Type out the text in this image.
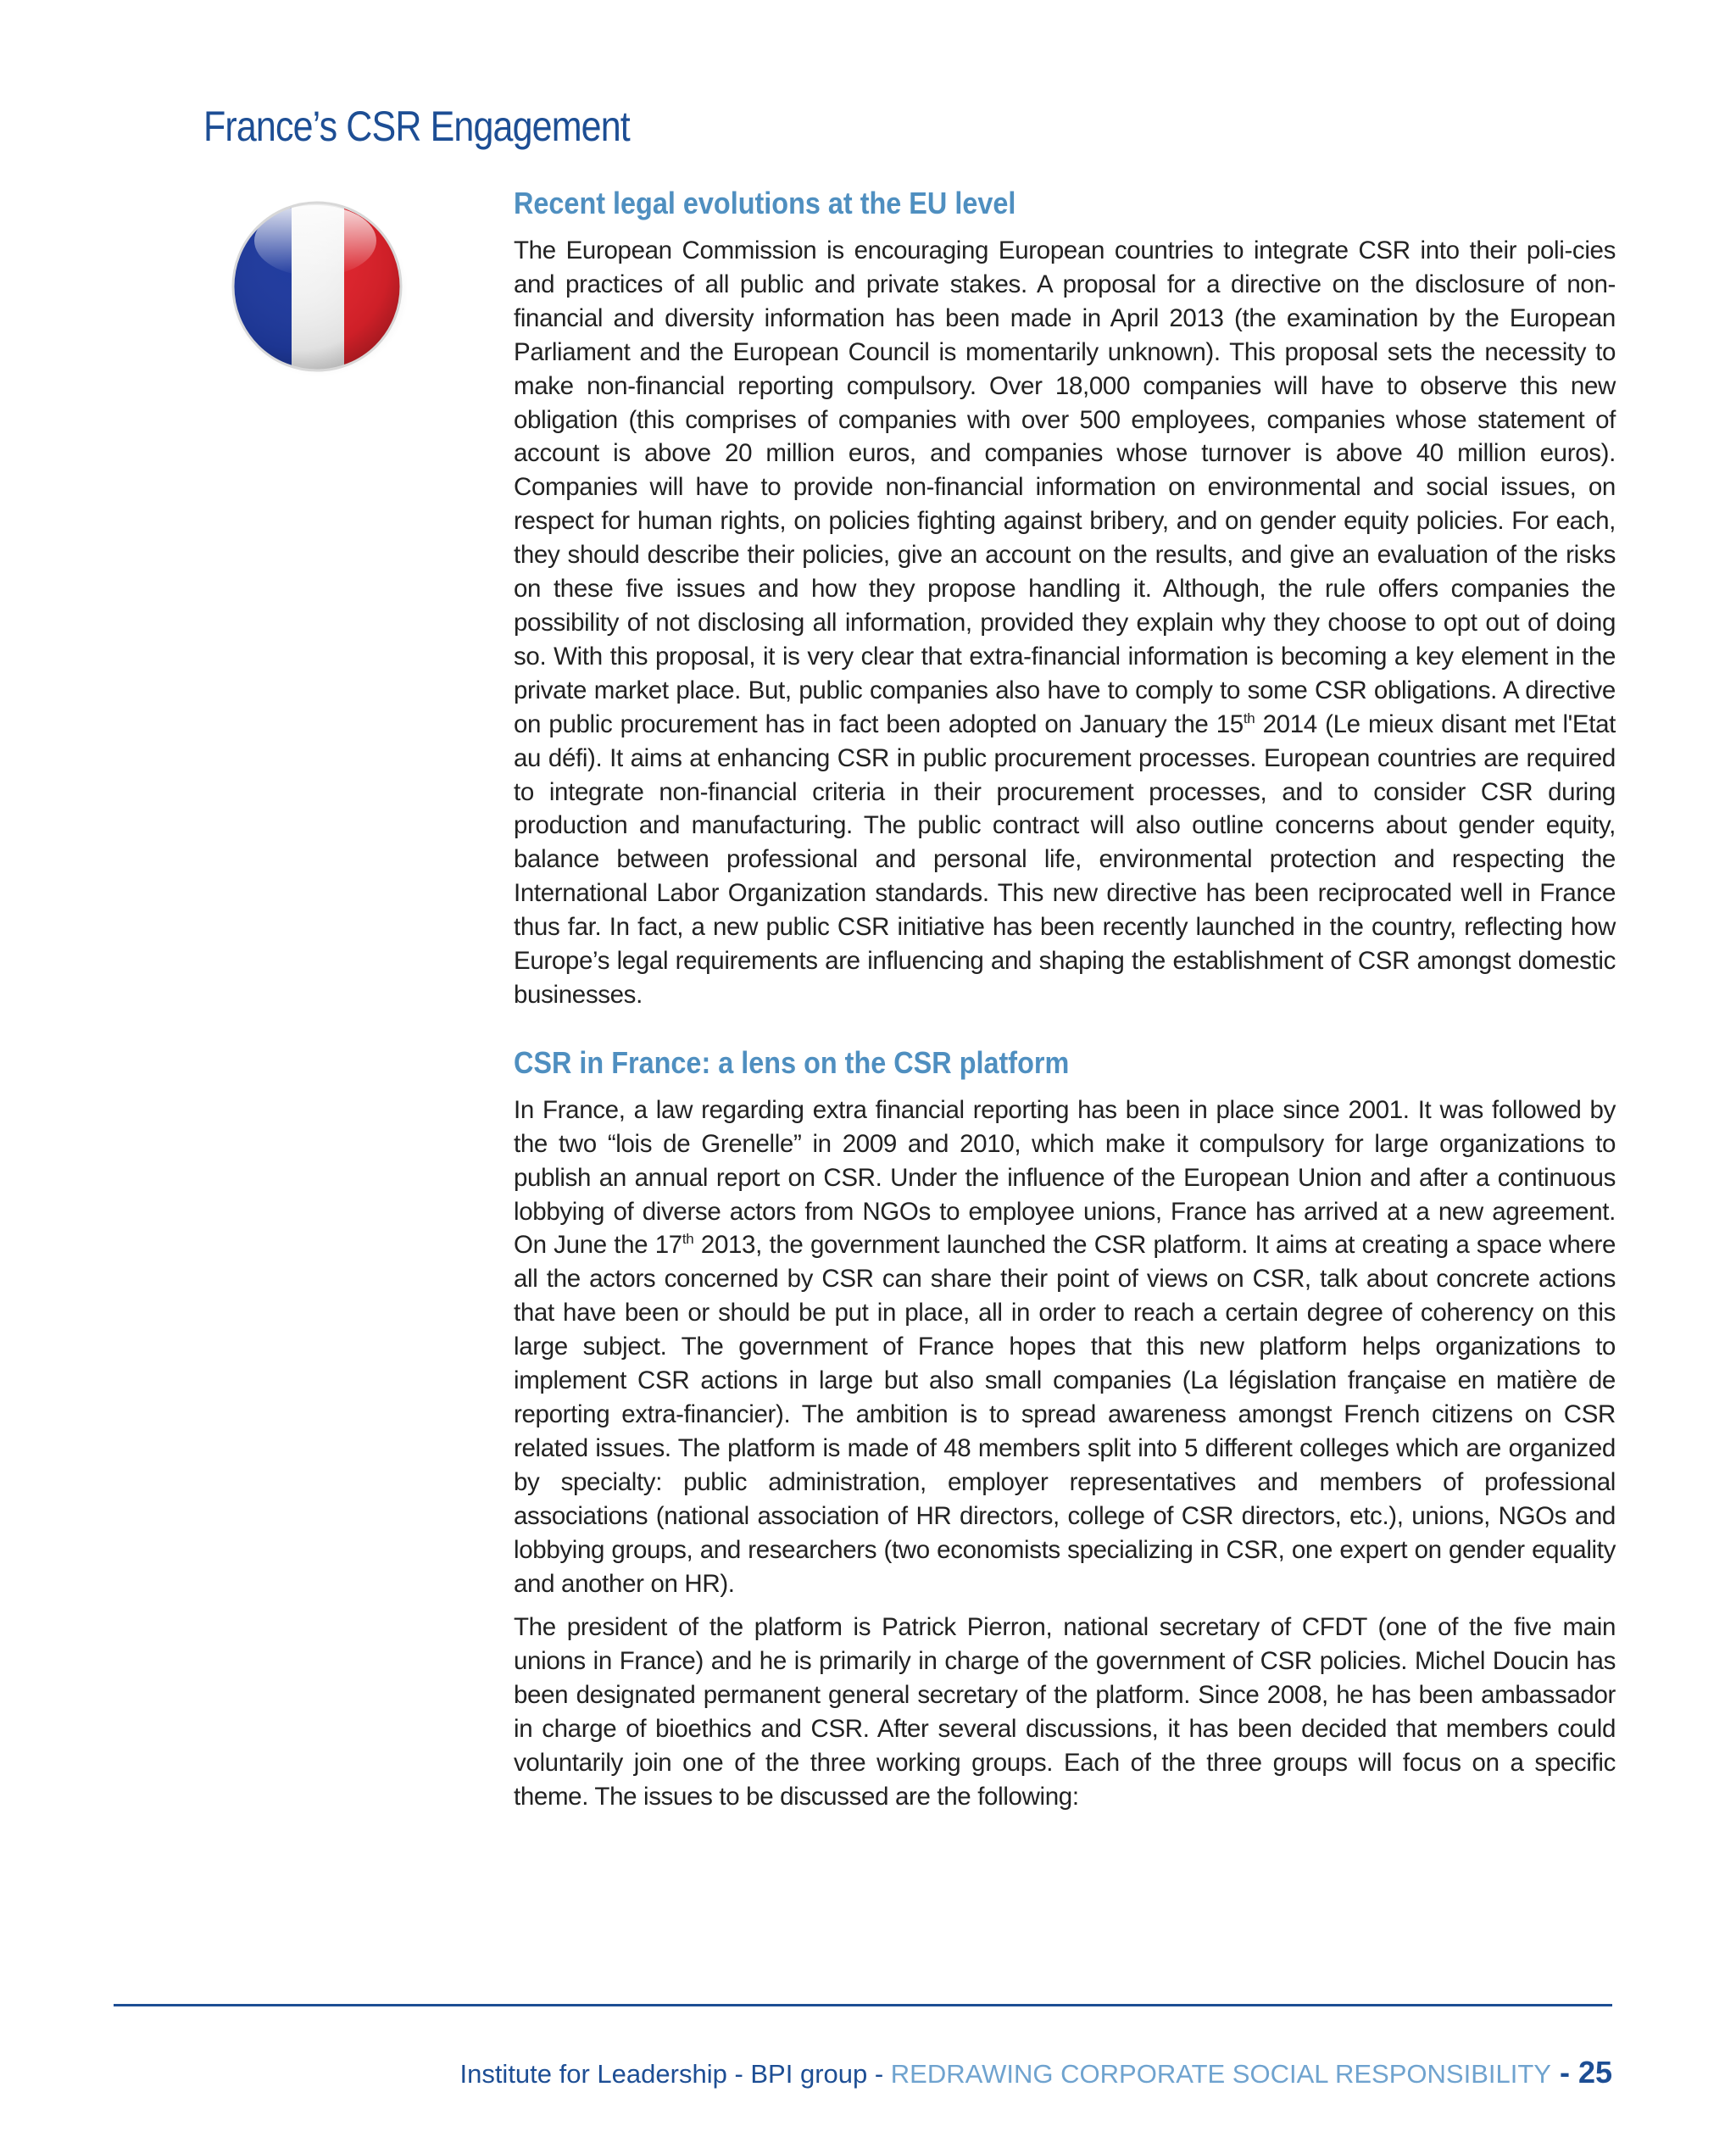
France’s CSR Engagement
Recent legal evolutions at the EU level

The European Commission is encouraging European countries to integrate CSR into their poli-cies and practices of all public and private stakes. A proposal for a directive on the disclosure of non-financial and diversity information has been made in April 2013 (the examination by the European Parliament and the European Council is momentarily unknown). This proposal sets the necessity to make non-financial reporting compulsory. Over 18,000 companies will have to observe this new obligation (this comprises of companies with over 500 employees, companies whose statement of account is above 20 million euros, and companies whose turnover is above 40 million euros). Companies will have to provide non-financial information on environmental and social issues, on respect for human rights, on policies fighting against bribery, and on gender equity policies. For each, they should describe their policies, give an account on the results, and give an evaluation of the risks on these five issues and how they propose handling it. Although, the rule offers companies the possibility of not disclosing all information, provided they explain why they choose to opt out of doing so. With this proposal, it is very clear that extra-financial information is becoming a key element in the private market place. But, public companies also have to comply to some CSR obligations. A directive on public procurement has in fact been adopted on January the 15th 2014 (Le mieux disant met l'Etat au défi). It aims at enhancing CSR in public procurement processes. European countries are required to integrate non-financial criteria in their procurement processes, and to consider CSR during production and manufacturing. The public contract will also outline concerns about gender equity, balance between professional and personal life, environmental protection and respecting the International Labor Organization standards. This new directive has been reciprocated well in France thus far. In fact, a new public CSR initiative has been recently launched in the country, reflecting how Europe’s legal requirements are influencing and shaping the establishment of CSR amongst domestic businesses.

CSR in France: a lens on the CSR platform

In France, a law regarding extra financial reporting has been in place since 2001. It was followed by the two “lois de Grenelle” in 2009 and 2010, which make it compulsory for large organizations to publish an annual report on CSR. Under the influence of the European Union and after a continuous lobbying of diverse actors from NGOs to employee unions, France has arrived at a new agreement. On June the 17th 2013, the government launched the CSR platform. It aims at creating a space where all the actors concerned by CSR can share their point of views on CSR, talk about concrete actions that have been or should be put in place, all in order to reach a certain degree of coherency on this large subject. The government of France hopes that this new platform helps organizations to implement CSR actions in large but also small companies (La législation française en matière de reporting extra-financier). The ambition is to spread awareness amongst French citizens on CSR related issues. The platform is made of 48 members split into 5 different colleges which are organized by specialty: public administration, employer representatives and members of professional associations (national association of HR directors, college of CSR directors, etc.), unions, NGOs and lobbying groups, and researchers (two economists specializing in CSR, one expert on gender equality and another on HR).

The president of the platform is Patrick Pierron, national secretary of CFDT (one of the five main unions in France) and he is primarily in charge of the government of CSR policies. Michel Doucin has been designated permanent general secretary of the platform. Since 2008, he has been ambassador in charge of bioethics and CSR. After several discussions, it has been decided that members could voluntarily join one of the three working groups. Each of the three groups will focus on a specific theme. The issues to be discussed are the following:

Institute for Leadership - BPI group - REDRAWING CORPORATE SOCIAL RESPONSIBILITY - 25
